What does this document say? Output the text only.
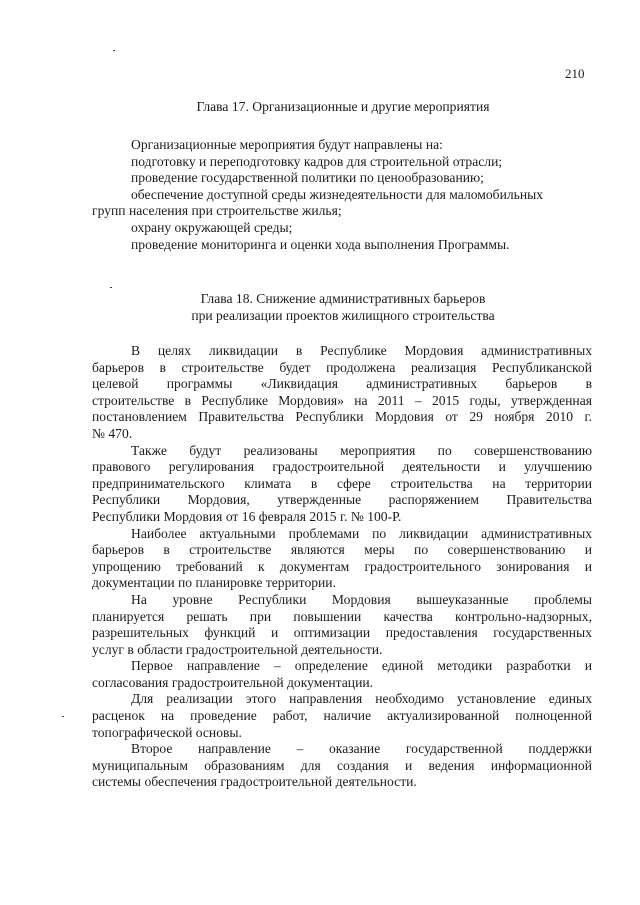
210
Глава 17. Организационные и другие мероприятия

Организационные мероприятия будут направлены на:

подготовку и переподготовку кадров для строительной отрасли;

проведение государственной политики по ценообразованию;

обеспечение доступной среды жизнедеятельности для маломобильных

групп населения при строительстве жилья;

охрану окружающей среды;

проведение мониторинга и оценки хода выполнения Программы.

Глава 18. Снижение административных барьеров
при реализации проектов жилищного строительства
В целях ликвидации в Республике Мордовия административных
барьеров в строительстве будет продолжена реализация Республиканской
целевой программы «Ликвидация административных барьеров в
строительстве в Республике Мордовия» на 2011 – 2015 годы, утвержденная
постановлением Правительства Республики Мордовия от 29 ноября 2010 г.
№ 470.
Также будут реализованы мероприятия по совершенствованию
правового регулирования градостроительной деятельности и улучшению
предпринимательского климата в сфере строительства на территории
Республики Мордовия, утвержденные распоряжением Правительства
Республики Мордовия от 16 февраля 2015 г. № 100-Р.
Наиболее актуальными проблемами по ликвидации административных
барьеров в строительстве являются меры по совершенствованию и
упрощению требований к документам градостроительного зонирования и
документации по планировке территории.
На уровне Республики Мордовия вышеуказанные проблемы
планируется решать при повышении качества контрольно-надзорных,
разрешительных функций и оптимизации предоставления государственных
услуг в области градостроительной деятельности.
Первое направление – определение единой методики разработки и
согласования градостроительной документации.
Для реализации этого направления необходимо установление единых
расценок на проведение работ, наличие актуализированной полноценной
топографической основы.
Второе направление – оказание государственной поддержки
муниципальным образованиям для создания и ведения информационной
системы обеспечения градостроительной деятельности.
